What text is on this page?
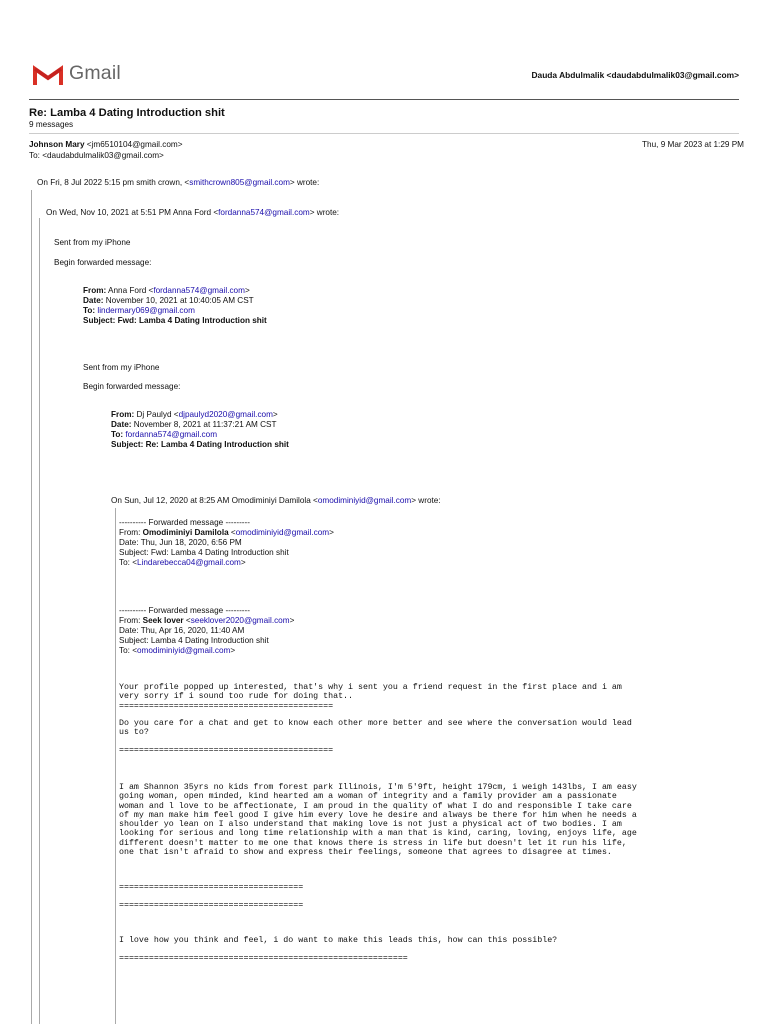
Gmail	Dauda Abdulmalik <daudabdulmalik03@gmail.com>
Re: Lamba 4 Dating Introduction shit
9 messages
Johnson Mary <jm6510104@gmail.com>
To: <daudabdulmalik03@gmail.com>
Thu, 9 Mar 2023 at 1:29 PM
On Fri, 8 Jul 2022 5:15 pm smith crown, <smithcrown805@gmail.com> wrote:
On Wed, Nov 10, 2021 at 5:51 PM Anna Ford <fordanna574@gmail.com> wrote:
Sent from my iPhone
Begin forwarded message:
From: Anna Ford <fordanna574@gmail.com>
Date: November 10, 2021 at 10:40:05 AM CST
To: lindermary069@gmail.com
Subject: Fwd: Lamba 4 Dating Introduction shit
Sent from my iPhone
Begin forwarded message:
From: Dj Paulyd <djpaulyd2020@gmail.com>
Date: November 8, 2021 at 11:37:21 AM CST
To: fordanna574@gmail.com
Subject: Re: Lamba 4 Dating Introduction shit
On Sun, Jul 12, 2020 at 8:25 AM Omodiminiyi Damilola <omodiminiyid@gmail.com> wrote:
---------- Forwarded message ---------
From: Omodiminiyi Damilola <omodiminiyid@gmail.com>
Date: Thu, Jun 18, 2020, 6:56 PM
Subject: Fwd: Lamba 4 Dating Introduction shit
To: <Lindarebecca04@gmail.com>
---------- Forwarded message ---------
From: Seek lover <seeklover2020@gmail.com>
Date: Thu, Apr 16, 2020, 11:40 AM
Subject: Lamba 4 Dating Introduction shit
To: <omodiminiyid@gmail.com>
Your profile popped up interested, that's why i sent you a friend request in the first place and i am
very sorry if i sound too rude for doing that..
===========================================
Do you care for a chat and get to know each other more better and see where the conversation would lead
us to?
===========================================
I am Shannon 35yrs no kids from forest park Illinois, I'm 5'9ft, height 179cm, i weigh 143lbs, I am easy
going woman, open minded, kind hearted am a woman of integrity and a family provider am a passionate
woman and l love to be affectionate, I am proud in the quality of what I do and responsible I take care
of my man make him feel good I give him every love he desire and always be there for him when he needs a
shoulder yo lean on I also understand that making love is not just a physical act of two bodies. I am
looking for serious and long time relationship with a man that is kind, caring, loving, enjoys life, age
different doesn't matter to me one that knows there is stress in life but doesn't let it run his life,
one that isn't afraid to show and express their feelings, someone that agrees to disagree at times.
=====================================
=====================================
I love how you think and feel, i do want to make this leads this, how can this possible?
==========================================================
